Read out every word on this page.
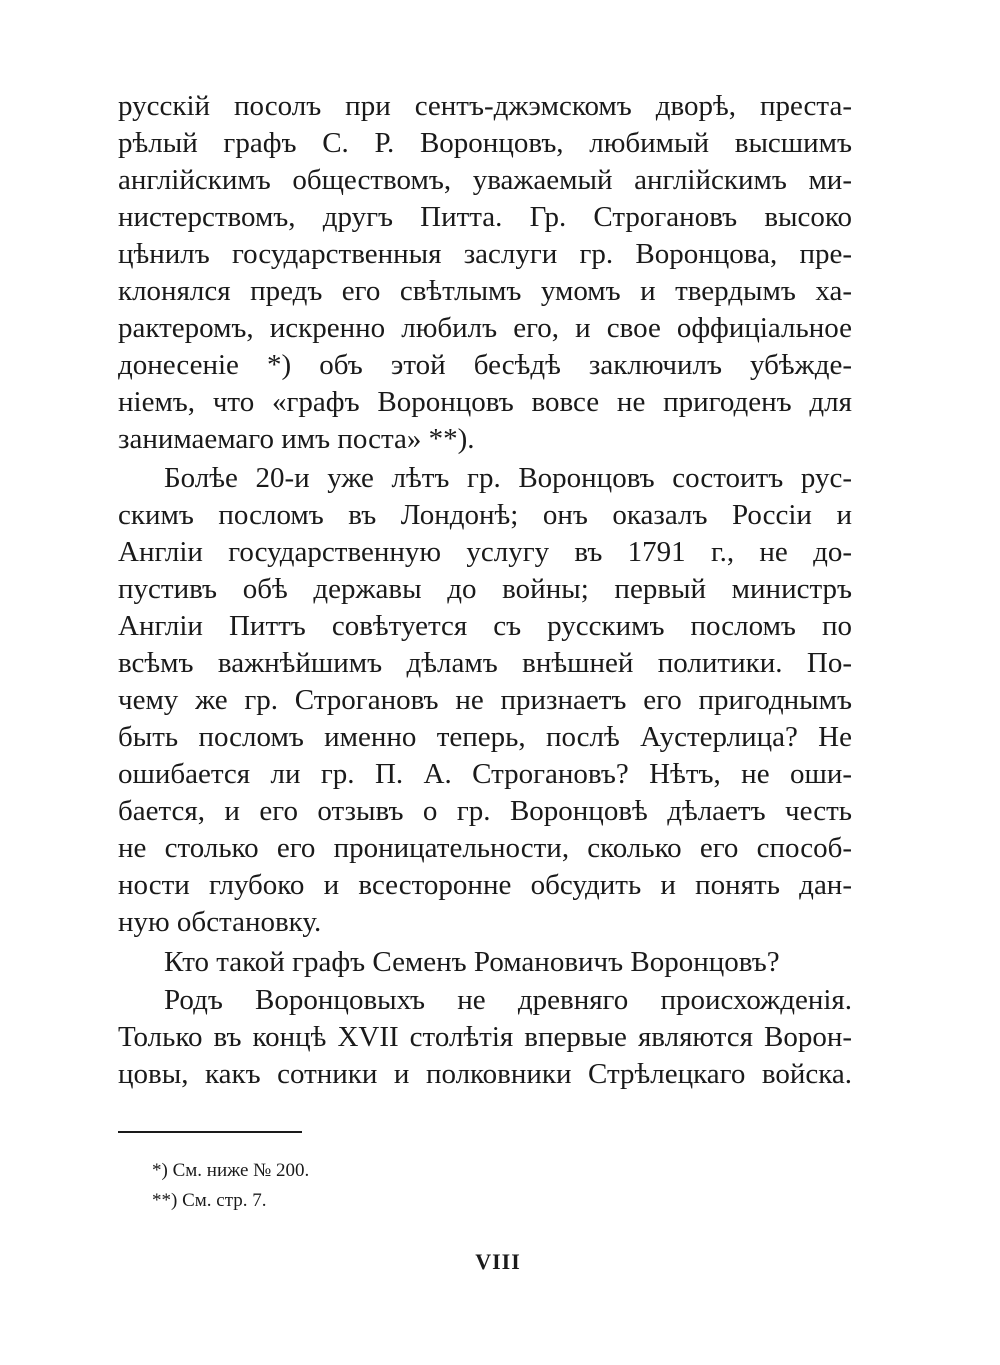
русскій посолъ при сентъ-джэмскомъ дворѣ, преста-
рѣлый графъ С. Р. Воронцовъ, любимый высшимъ
англійскимъ обществомъ, уважаемый англійскимъ ми-
нистерствомъ, другъ Питта. Гр. Строгановъ высоко
цѣнилъ государственныя заслуги гр. Воронцова, пре-
клонялся предъ его свѣтлымъ умомъ и твердымъ ха-
рактеромъ, искренно любилъ его, и свое оффиціальное
донесеніе *) объ этой бесѣдѣ заключилъ убѣжде-
ніемъ, что «графъ Воронцовъ вовсе не пригоденъ для
занимаемаго имъ поста» **).
Болѣе 20-и уже лѣтъ гр. Воронцовъ состоитъ рус-
скимъ посломъ въ Лондонѣ; онъ оказалъ Россіи и
Англіи государственную услугу въ 1791 г., не до-
пустивъ обѣ державы до войны; первый министръ
Англіи Питтъ совѣтуется съ русскимъ посломъ по
всѣмъ важнѣйшимъ дѣламъ внѣшней политики. По-
чему же гр. Строгановъ не признаетъ его пригоднымъ
быть посломъ именно теперь, послѣ Аустерлица? Не
ошибается ли гр. П. А. Строгановъ? Нѣтъ, не оши-
бается, и его отзывъ о гр. Воронцовѣ дѣлаетъ честь
не столько его проницательности, сколько его способ-
ности глубоко и всесторонне обсудить и понять дан-
ную обстановку.
Кто такой графъ Семенъ Романовичъ Воронцовъ?
Родъ Воронцовыхъ не древняго происхожденія.
Только въ концѣ XVII столѣтія впервые являются Ворон-
цовы, какъ сотники и полковники Стрѣлецкаго войска.
*) См. ниже № 200.
**) См. стр. 7.
VIII
